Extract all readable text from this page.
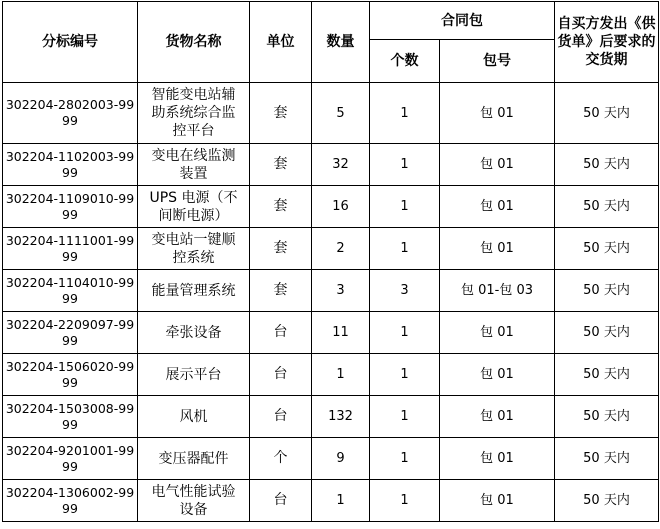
分标编号	货物名称	单位	数量	合同包		自买方发出《供货单》后要求的交货期
				个数	包号	
302204-2802003-9999	智能变电站辅助系统综合监控平台	套	5	1	包 01	50 天内
302204-1102003-9999	变电在线监测装置	套	32	1	包 01	50 天内
302204-1109010-9999	UPS 电源（不间断电源）	套	16	1	包 01	50 天内
302204-1111001-9999	变电站一键顺控系统	套	2	1	包 01	50 天内
302204-1104010-9999	能量管理系统	套	3	3	包 01-包 03	50 天内
302204-2209097-9999	牵张设备	台	11	1	包 01	50 天内
302204-1506020-9999	展示平台	台	1	1	包 01	50 天内
302204-1503008-9999	风机	台	132	1	包 01	50 天内
302204-9201001-9999	变压器配件	个	9	1	包 01	50 天内
302204-1306002-9999	电气性能试验设备	台	1	1	包 01	50 天内
